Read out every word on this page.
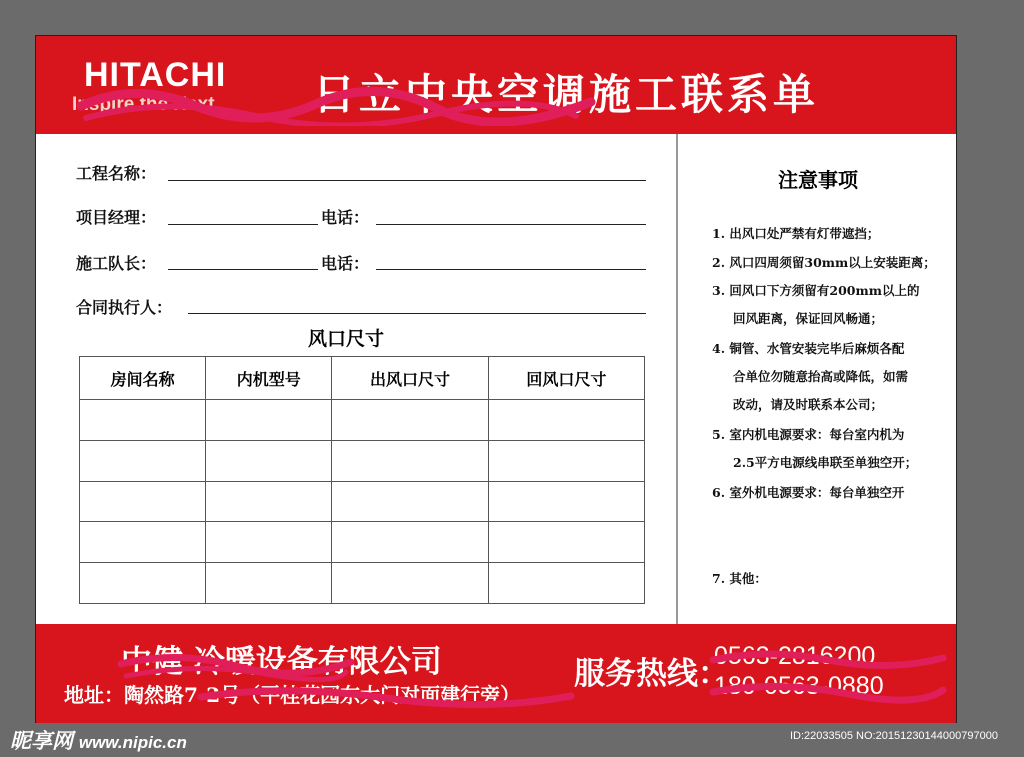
HITACHI
Inspire the Next 日立中央空调施工联系单
工程名称：
项目经理：	电话：
施工队长：	电话：
合同执行人：
风口尺寸
房间名称	内机型号	出风口尺寸	回风口尺寸

注意事项
1. 出风口处严禁有灯带遮挡；
2. 风口四周须留30mm以上安装距离；
3. 回风口下方须留有200mm以上的
回风距离，保证回风畅通；
4. 铜管、水管安装完毕后麻烦各配
合单位勿随意抬高或降低，如需
改动，请及时联系本公司；
5. 室内机电源要求：每台室内机为
2.5平方电源线串联至单独空开；
6. 室外机电源要求：每台单独空开
7. 其他：
中健 冷暖设备有限公司
地址：陶然路7-2号（平桂花园东大门对面建行旁）
服务热线：
0563-2816200
180-0563-0880
昵享网 www.nipic.cn	ID:22033505 NO:20151230144000797000
